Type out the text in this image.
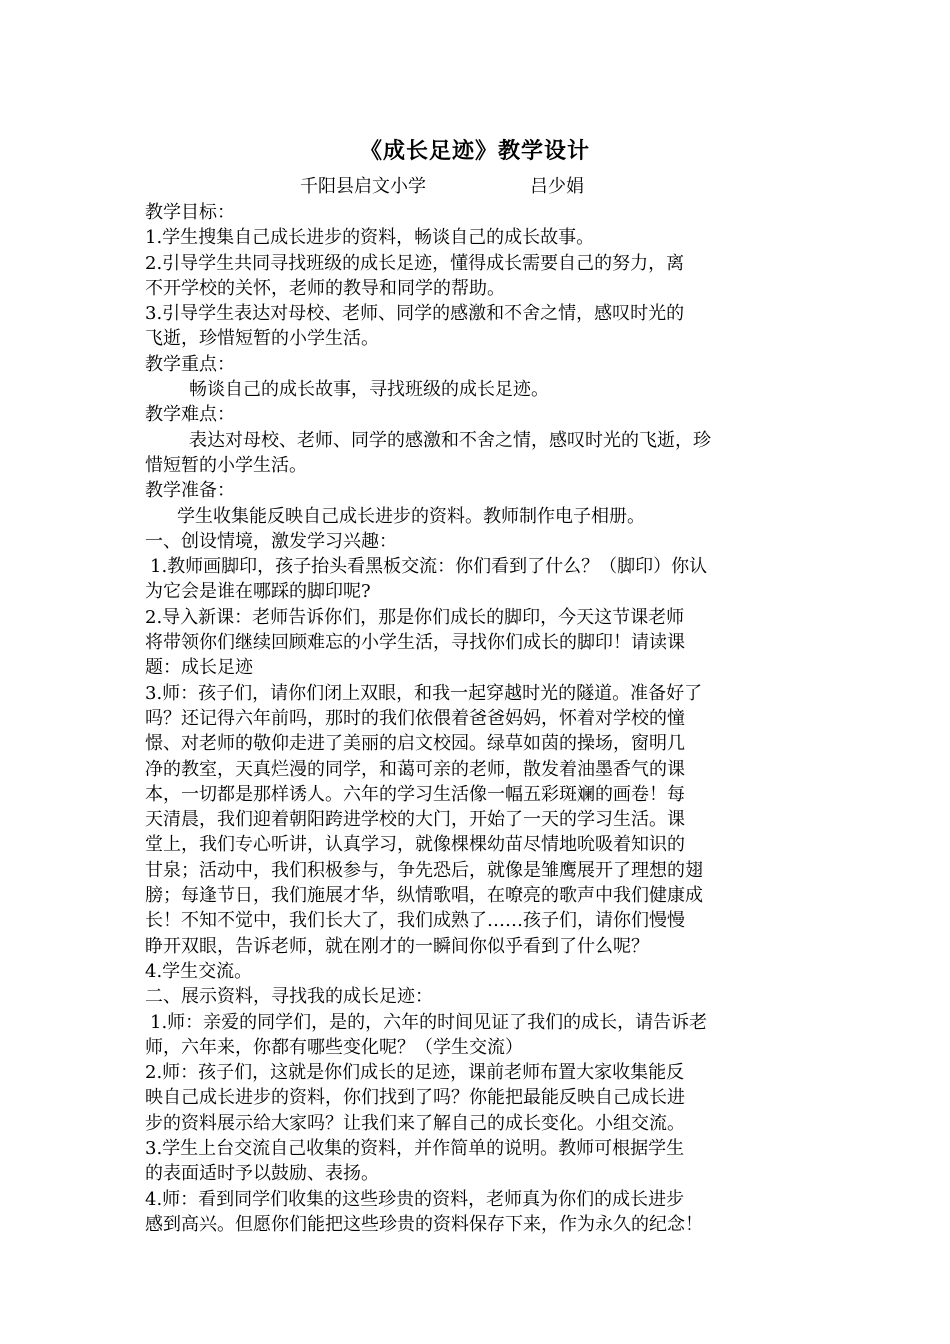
《成长足迹》教学设计
千阳县启文小学	吕少娟
教学目标：
1.学生搜集自己成长进步的资料，畅谈自己的成长故事。
2.引导学生共同寻找班级的成长足迹，懂得成长需要自己的努力，离
不开学校的关怀，老师的教导和同学的帮助。
3.引导学生表达对母校、老师、同学的感激和不舍之情，感叹时光的
飞逝，珍惜短暂的小学生活。
教学重点：
畅谈自己的成长故事，寻找班级的成长足迹。
教学难点：
表达对母校、老师、同学的感激和不舍之情，感叹时光的飞逝，珍
惜短暂的小学生活。
教学准备：
学生收集能反映自己成长进步的资料。教师制作电子相册。
一、创设情境，激发学习兴趣：
1.教师画脚印，孩子抬头看黑板交流：你们看到了什么？（脚印）你认
为它会是谁在哪踩的脚印呢?
2.导入新课：老师告诉你们，那是你们成长的脚印，今天这节课老师
将带领你们继续回顾难忘的小学生活，寻找你们成长的脚印！请读课
题：成长足迹
3.师：孩子们，请你们闭上双眼，和我一起穿越时光的隧道。准备好了
吗？还记得六年前吗，那时的我们依偎着爸爸妈妈，怀着对学校的憧
憬、对老师的敬仰走进了美丽的启文校园。绿草如茵的操场，窗明几
净的教室，天真烂漫的同学，和蔼可亲的老师，散发着油墨香气的课
本，一切都是那样诱人。六年的学习生活像一幅五彩斑斓的画卷！每
天清晨，我们迎着朝阳跨进学校的大门，开始了一天的学习生活。课
堂上，我们专心听讲，认真学习，就像棵棵幼苗尽情地吮吸着知识的
甘泉；活动中，我们积极参与，争先恐后，就像是雏鹰展开了理想的翅
膀；每逢节日，我们施展才华，纵情歌唱，在嘹亮的歌声中我们健康成
长！不知不觉中，我们长大了，我们成熟了……孩子们，请你们慢慢
睁开双眼，告诉老师，就在刚才的一瞬间你似乎看到了什么呢？
4.学生交流。
二、展示资料，寻找我的成长足迹：
1.师：亲爱的同学们，是的，六年的时间见证了我们的成长，请告诉老
师，六年来，你都有哪些变化呢？（学生交流）
2.师：孩子们，这就是你们成长的足迹，课前老师布置大家收集能反
映自己成长进步的资料，你们找到了吗？你能把最能反映自己成长进
步的资料展示给大家吗？让我们来了解自己的成长变化。小组交流。
3.学生上台交流自己收集的资料，并作简单的说明。教师可根据学生
的表面适时予以鼓励、表扬。
4.师：看到同学们收集的这些珍贵的资料，老师真为你们的成长进步
感到高兴。但愿你们能把这些珍贵的资料保存下来，作为永久的纪念！
